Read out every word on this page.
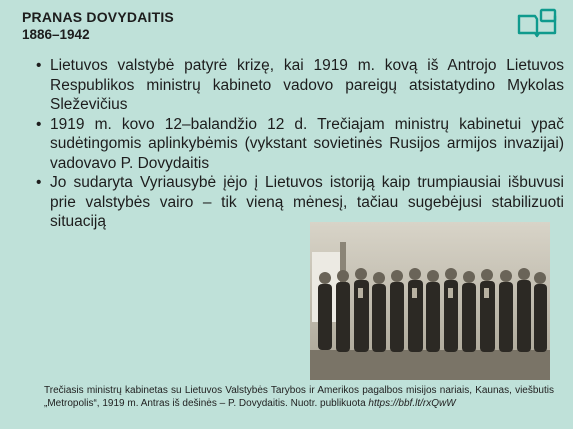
PRANAS DOVYDAITIS
1886–1942
• Lietuvos valstybė patyrė krizę, kai 1919 m. kovą iš Antrojo Lietuvos Respublikos ministrų kabineto vadovo pareigų atsistatydino Mykolas Sleževičius
• 1919 m. kovo 12–balandžio 12 d. Trečiajam ministrų kabinetui ypač sudėtingomis aplinkybėmis (vykstant sovietinės Rusijos armijos invazijai) vadovavo P. Dovydaitis
• Jo sudaryta Vyriausybė įėjo į Lietuvos istoriją kaip trumpiausiai išbuvusi prie valstybės vairo – tik vieną mėnesį, tačiau sugebėjusi stabilizuoti situaciją
Trečiasis ministrų kabinetas su Lietuvos Valstybės Tarybos ir Amerikos pagalbos misijos nariais, Kaunas, viešbutis „Metropolis“, 1919 m. Antras iš dešinės – P. Dovydaitis. Nuotr. publikuota https://bbf.lt/rxQwW
